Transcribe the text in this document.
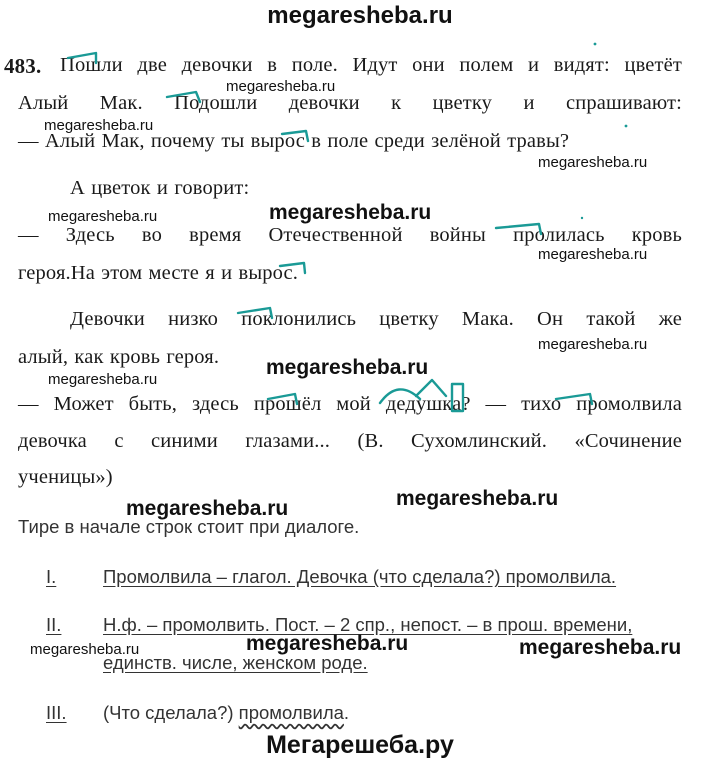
megaresheba.ru
483. Пошли две девочки в поле. Идут они полем и видят: цветёт
Алый Мак. Подошли девочки к цветку и спрашивают:
— Алый Мак, почему ты вырос в поле среди зелёной травы?
А цветок и говорит:
— Здесь во время Отечественной войны пролилась кровь
героя.На этом месте я и вырос.
Девочки низко поклонились цветку Мака. Он такой же
алый, как кровь героя.
— Может быть, здесь прошёл мой дедушка? — тихо промолвила
девочка с синими глазами... (В. Сухомлинский. «Сочинение
ученицы»)
Тире в начале строк стоит при диалоге.
I.	Промолвила – глагол. Девочка (что сделала?) промолвила.
II. Н.ф. – промолвить. Пост. – 2 спр., непост. – в прош. времени,
единств. числе, женском роде.
III. (Что сделала?) промолвила.
megaresheba.ru
megaresheba.ru
megaresheba.ru
megaresheba.ru	megaresheba.ru
megaresheba.ru
megaresheba.ru
megaresheba.ru
megaresheba.ru
megaresheba.ru	megaresheba.ru
megaresheba.ru	megaresheba.ru	megaresheba.ru
Мегарешеба.ру
